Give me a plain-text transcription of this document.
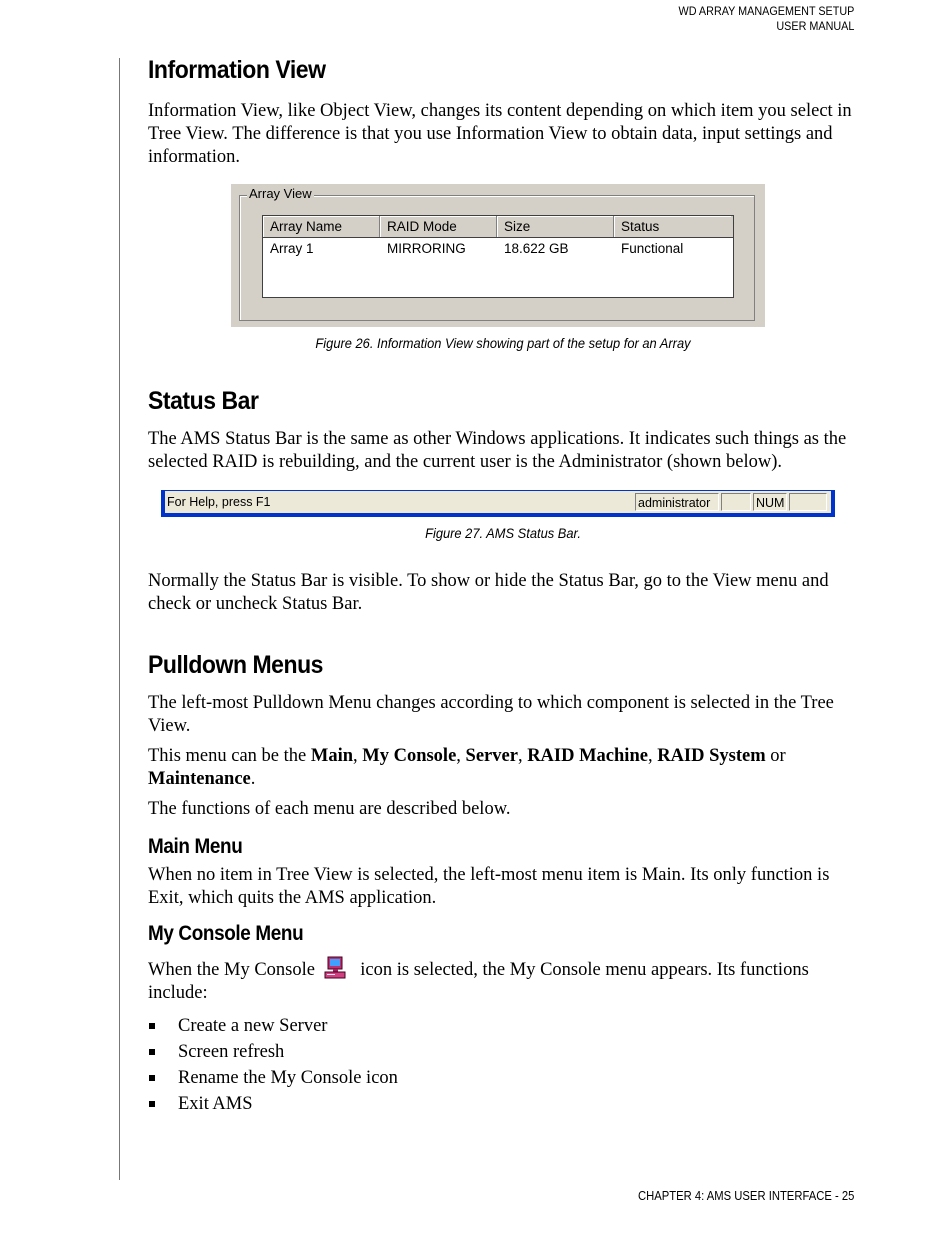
WD ARRAY MANAGEMENT SETUP
USER MANUAL
Information View

Information View, like Object View, changes its content depending on which item you select in Tree View. The difference is that you use Information View to obtain data, input settings and information.

Array View
Array Name	RAID Mode	Size	Status
Array 1	MIRRORING	18.622 GB	Functional
Figure 26. Information View showing part of the setup for an Array
Status Bar

The AMS Status Bar is the same as other Windows applications. It indicates such things as the selected RAID is rebuilding, and the current user is the Administrator (shown below).

For Help, press F1	administrator	NUM
Figure 27. AMS Status Bar.

Normally the Status Bar is visible. To show or hide the Status Bar, go to the View menu and check or uncheck Status Bar.

Pulldown Menus

The left-most Pulldown Menu changes according to which component is selected in the Tree View.

This menu can be the Main, My Console, Server, RAID Machine, RAID System or Maintenance.

The functions of each menu are described below.

Main Menu

When no item in Tree View is selected, the left-most menu item is Main. Its only function is Exit, which quits the AMS application.

My Console Menu

When the My Console  icon is selected, the My Console menu appears. Its functions include:

Create a new Server
Screen refresh
Rename the My Console icon
Exit AMS
CHAPTER 4: AMS USER INTERFACE - 25
